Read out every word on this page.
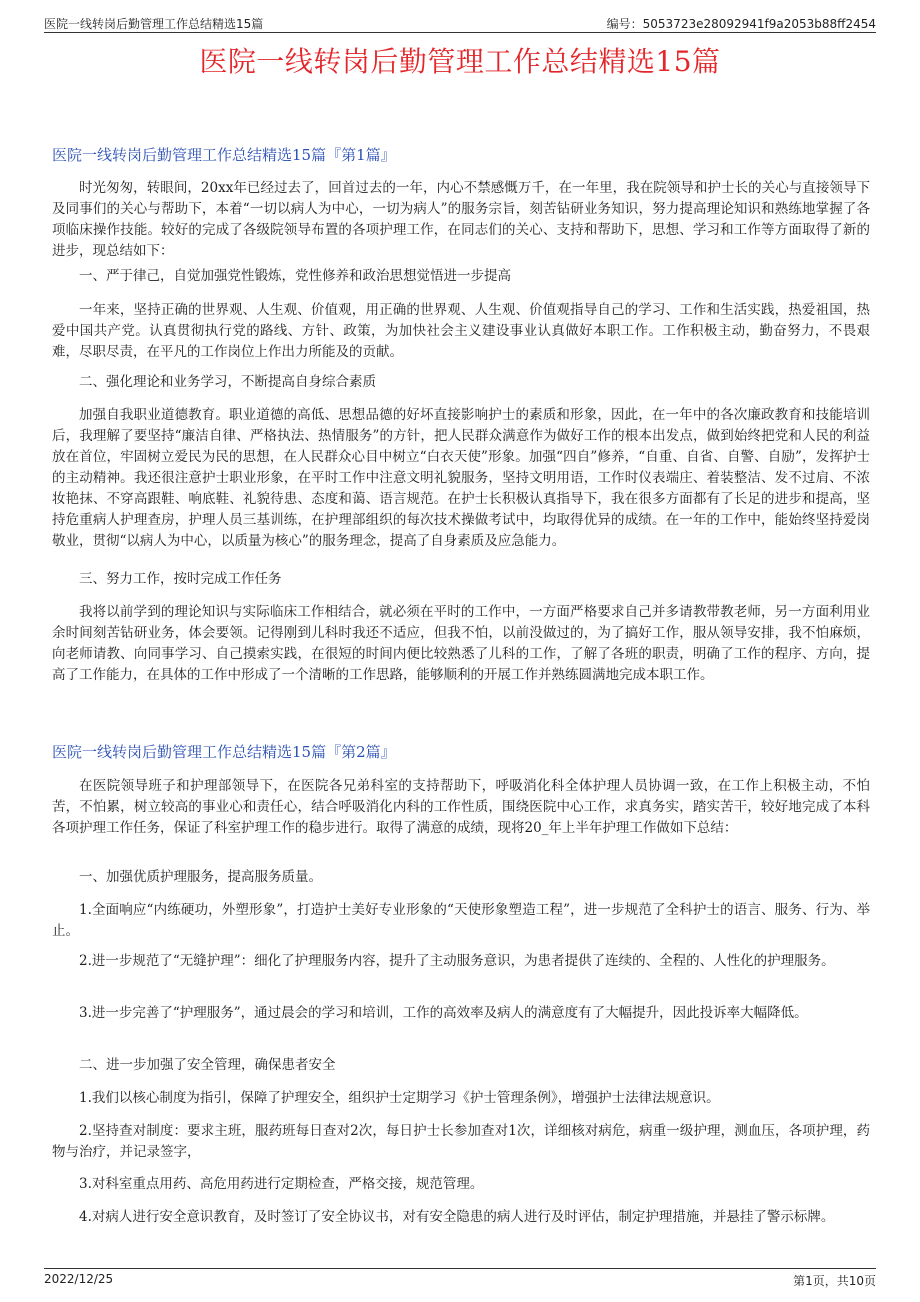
医院一线转岗后勤管理工作总结精选15篇	编号：5053723e28092941f9a2053b88ff2454
医院一线转岗后勤管理工作总结精选15篇
医院一线转岗后勤管理工作总结精选15篇『第1篇』

时光匆匆，转眼间，20xx年已经过去了，回首过去的一年，内心不禁感慨万千，在一年里，我在院领导和护士长的关心与直接领导下及同事们的关心与帮助下，本着“一切以病人为中心，一切为病人”的服务宗旨，刻苦钻研业务知识，努力提高理论知识和熟练地掌握了各项临床操作技能。较好的完成了各级院领导布置的各项护理工作，在同志们的关心、支持和帮助下，思想、学习和工作等方面取得了新的进步，现总结如下：

一、严于律己，自觉加强党性锻炼，党性修养和政治思想觉悟进一步提高

一年来，坚持正确的世界观、人生观、价值观，用正确的世界观、人生观、价值观指导自己的学习、工作和生活实践，热爱祖国，热爱中国共产党。认真贯彻执行党的路线、方针、政策，为加快社会主义建设事业认真做好本职工作。工作积极主动，勤奋努力，不畏艰难，尽职尽责，在平凡的工作岗位上作出力所能及的贡献。

二、强化理论和业务学习，不断提高自身综合素质

加强自我职业道德教育。职业道德的高低、思想品德的好坏直接影响护士的素质和形象，因此，在一年中的各次廉政教育和技能培训后，我理解了要坚持“廉洁自律、严格执法、热情服务”的方针，把人民群众满意作为做好工作的根本出发点，做到始终把党和人民的利益放在首位，牢固树立爱民为民的思想，在人民群众心目中树立“白衣天使”形象。加强“四自”修养，“自重、自省、自警、自励”，发挥护士的主动精神。我还很注意护士职业形象，在平时工作中注意文明礼貌服务，坚持文明用语，工作时仪表端庄、着装整洁、发不过肩、不浓妆艳抹、不穿高跟鞋、响底鞋、礼貌待患、态度和蔼、语言规范。在护士长积极认真指导下，我在很多方面都有了长足的进步和提高，坚持危重病人护理查房，护理人员三基训练，在护理部组织的每次技术操做考试中，均取得优异的成绩。在一年的工作中，能始终坚持爱岗敬业，贯彻“以病人为中心，以质量为核心”的服务理念，提高了自身素质及应急能力。

三、努力工作，按时完成工作任务

我将以前学到的理论知识与实际临床工作相结合，就必须在平时的工作中，一方面严格要求自己并多请教带教老师，另一方面利用业余时间刻苦钻研业务，体会要领。记得刚到儿科时我还不适应，但我不怕，以前没做过的，为了搞好工作，服从领导安排，我不怕麻烦，向老师请教、向同事学习、自己摸索实践，在很短的时间内便比较熟悉了儿科的工作，了解了各班的职责，明确了工作的程序、方向，提高了工作能力，在具体的工作中形成了一个清晰的工作思路，能够顺利的开展工作并熟练圆满地完成本职工作。

医院一线转岗后勤管理工作总结精选15篇『第2篇』

在医院领导班子和护理部领导下，在医院各兄弟科室的支持帮助下，呼吸消化科全体护理人员协调一致，在工作上积极主动，不怕苦，不怕累，树立较高的事业心和责任心，结合呼吸消化内科的工作性质，围绕医院中心工作，求真务实，踏实苦干，较好地完成了本科各项护理工作任务，保证了科室护理工作的稳步进行。取得了满意的成绩，现将20_年上半年护理工作做如下总结：

一、加强优质护理服务，提高服务质量。

1.全面响应“内练硬功，外塑形象”，打造护士美好专业形象的“天使形象塑造工程”，进一步规范了全科护士的语言、服务、行为、举止。

2.进一步规范了“无缝护理”：细化了护理服务内容，提升了主动服务意识，为患者提供了连续的、全程的、人性化的护理服务。

3.进一步完善了“护理服务”，通过晨会的学习和培训，工作的高效率及病人的满意度有了大幅提升，因此投诉率大幅降低。

二、进一步加强了安全管理，确保患者安全

1.我们以核心制度为指引，保障了护理安全，组织护士定期学习《护士管理条例》，增强护士法律法规意识。

2.坚持查对制度：要求主班，服药班每日查对2次，每日护士长参加查对1次，详细核对病危，病重一级护理，测血压，各项护理，药物与治疗，并记录签字，

3.对科室重点用药、高危用药进行定期检查，严格交接，规范管理。

4.对病人进行安全意识教育，及时签订了安全协议书，对有安全隐患的病人进行及时评估，制定护理措施，并悬挂了警示标牌。

2022/12/25	第1页，共10页
